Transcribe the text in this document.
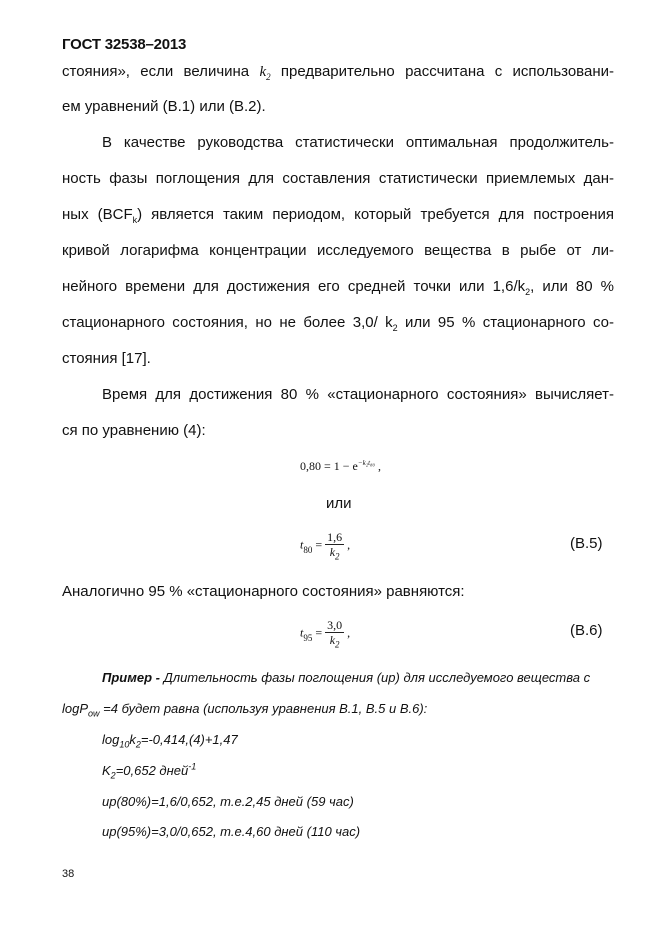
ГОСТ 32538–2013
стояния», если величина $k_2$ предварительно рассчитана с использовани-
ем уравнений (В.1) или (В.2).
В качестве руководства статистически оптимальная продолжитель-
ность фазы поглощения для составления статистически приемлемых дан-
ных $(BCF_k)$ является таким периодом, который требуется для построения
кривой логарифма концентрации исследуемого вещества в рыбе от ли-
нейного времени для достижения его средней точки или $1,6/k_2$, или 80 %
стационарного состояния, но не более 3,0/ $k_2$ или 95 % стационарного со-
стояния [17].
Время для достижения 80 % «стационарного состояния» вычисляет-
ся по уравнению (4):
$0,80 = 1 - e^{-k_2t_{80}}$ ,
или
$t_{80} = \frac{1,6}{k_2}$ ,	(В.5)
Аналогично 95 % «стационарного состояния» равняются:
$t_{95} = \frac{3,0}{k_2}$ ,	(В.6)
Пример - Длительность фазы поглощения (up) для исследуемого вещества с
logP$_{ow}$ =4 будет равна (используя уравнения В.1, В.5 и В.6):
$\log_{10}k_2=-0,414,(4)+1,47$
$K_2=0,652$ дней$^{-1}$
up(80%)=1,6/0,652, т.е.2,45 дней (59 час)
up(95%)=3,0/0,652, т.е.4,60 дней (110 час)
38
